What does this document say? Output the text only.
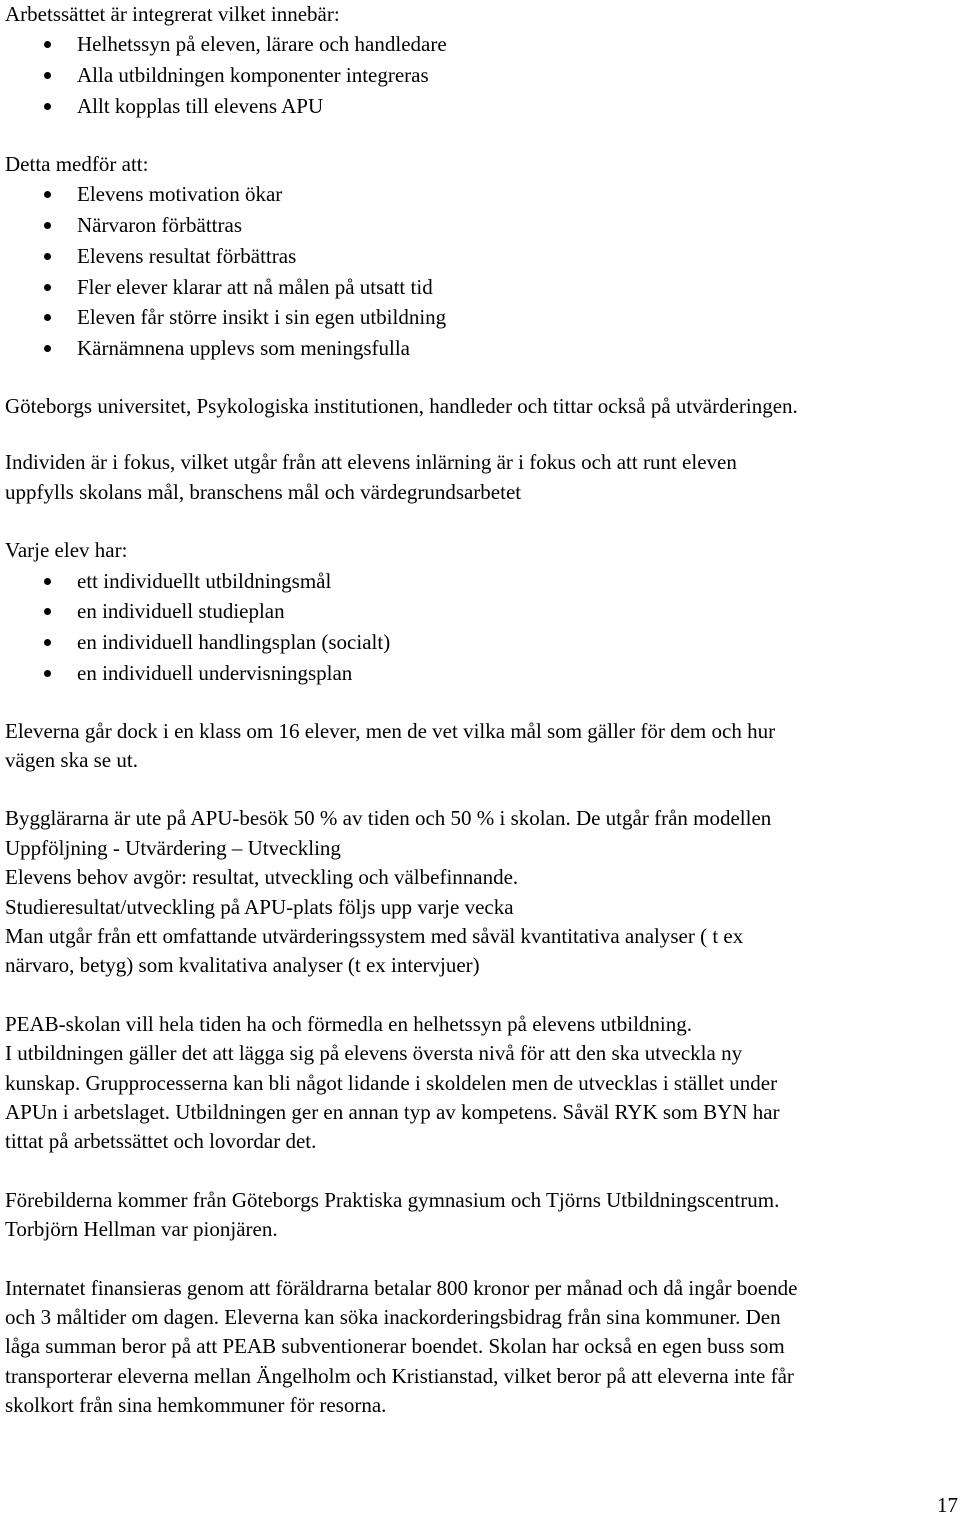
Arbetssättet är integrerat vilket innebär:
Helhetssyn på eleven, lärare och handledare
Alla utbildningen komponenter integreras
Allt kopplas till elevens APU
Detta medför att:
Elevens motivation ökar
Närvaron förbättras
Elevens resultat förbättras
Fler elever klarar att nå målen på utsatt tid
Eleven får större insikt i sin egen utbildning
Kärnämnena upplevs som meningsfulla
Göteborgs universitet, Psykologiska institutionen, handleder och tittar också på utvärderingen.
Individen är i fokus, vilket utgår från att elevens inlärning är i fokus och att runt eleven
uppfylls skolans mål, branschens mål och värdegrundsarbetet
Varje elev har:
ett individuellt utbildningsmål
en individuell studieplan
en individuell handlingsplan (socialt)
en individuell undervisningsplan
Eleverna går dock i en klass om 16 elever, men de vet vilka mål som gäller för dem och hur
vägen ska se ut.
Bygglärarna är ute på APU-besök 50 % av tiden och 50 % i skolan. De utgår från modellen
Uppföljning - Utvärdering – Utveckling
Elevens behov avgör: resultat, utveckling och välbefinnande.
Studieresultat/utveckling på APU-plats följs upp varje vecka
Man utgår från ett omfattande utvärderingssystem med såväl kvantitativa analyser ( t ex
närvaro, betyg) som kvalitativa analyser (t ex intervjuer)
PEAB-skolan vill hela tiden ha och förmedla en helhetssyn på elevens utbildning.
I utbildningen gäller det att lägga sig på elevens översta nivå för att den ska utveckla ny
kunskap. Grupprocesserna kan bli något lidande i skoldelen men de utvecklas i stället under
APUn i arbetslaget. Utbildningen ger en annan typ av kompetens. Såväl RYK som BYN har
tittat på arbetssättet och lovordar det.
Förebilderna kommer från Göteborgs Praktiska gymnasium och Tjörns Utbildningscentrum.
Torbjörn Hellman var pionjären.
Internatet finansieras genom att föräldrarna betalar 800 kronor per månad och då ingår boende
och 3 måltider om dagen. Eleverna kan söka inackorderingsbidrag från sina kommuner. Den
låga summan beror på att PEAB subventionerar boendet. Skolan har också en egen buss som
transporterar eleverna mellan Ängelholm och Kristianstad, vilket beror på att eleverna inte får
skolkort från sina hemkommuner för resorna.
17
